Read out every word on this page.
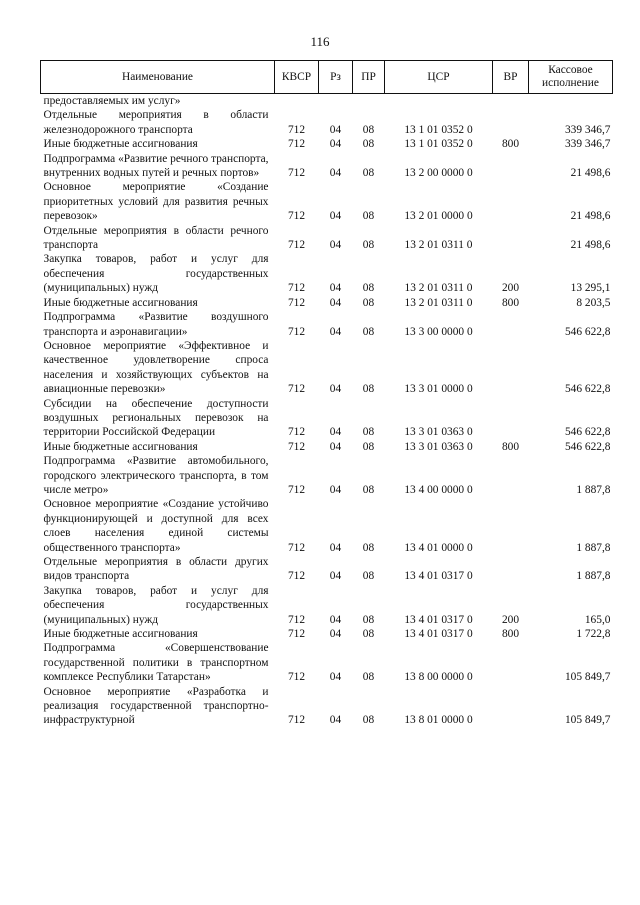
116
Наименование	КВСР	Рз	ПР	ЦСР	ВР	Кассовое исполнение
предоставляемых им услуг»						
Отдельные мероприятия в области железнодорожного транспорта	712	04	08	13 1 01 0352 0		339 346,7
Иные бюджетные ассигнования	712	04	08	13 1 01 0352 0	800	339 346,7
Подпрограмма «Развитие речного транспорта, внутренних водных путей и речных портов»	712	04	08	13 2 00 0000 0		21 498,6
Основное мероприятие «Создание приоритетных условий для развития речных перевозок»	712	04	08	13 2 01 0000 0		21 498,6
Отдельные мероприятия в области речного транспорта	712	04	08	13 2 01 0311 0		21 498,6
Закупка товаров, работ и услуг для обеспечения государственных (муниципальных) нужд	712	04	08	13 2 01 0311 0	200	13 295,1
Иные бюджетные ассигнования	712	04	08	13 2 01 0311 0	800	8 203,5
Подпрограмма «Развитие воздушного транспорта и аэронавигации»	712	04	08	13 3 00 0000 0		546 622,8
Основное мероприятие «Эффективное и качественное удовлетворение спроса населения и хозяйствующих субъектов на авиационные перевозки»	712	04	08	13 3 01 0000 0		546 622,8
Субсидии на обеспечение доступности воздушных региональных перевозок на территории Российской Федерации	712	04	08	13 3 01 0363 0		546 622,8
Иные бюджетные ассигнования	712	04	08	13 3 01 0363 0	800	546 622,8
Подпрограмма «Развитие автомобильного, городского электрического транспорта, в том числе метро»	712	04	08	13 4 00 0000 0		1 887,8
Основное мероприятие «Создание устойчиво функционирующей и доступной для всех слоев населения единой системы общественного транспорта»	712	04	08	13 4 01 0000 0		1 887,8
Отдельные мероприятия в области других видов транспорта	712	04	08	13 4 01 0317 0		1 887,8
Закупка товаров, работ и услуг для обеспечения государственных (муниципальных) нужд	712	04	08	13 4 01 0317 0	200	165,0
Иные бюджетные ассигнования	712	04	08	13 4 01 0317 0	800	1 722,8
Подпрограмма «Совершенствование государственной политики в транспортном комплексе Республики Татарстан»	712	04	08	13 8 00 0000 0		105 849,7
Основное мероприятие «Разработка и реализация государственной транспортно-инфраструктурной	712	04	08	13 8 01 0000 0		105 849,7
